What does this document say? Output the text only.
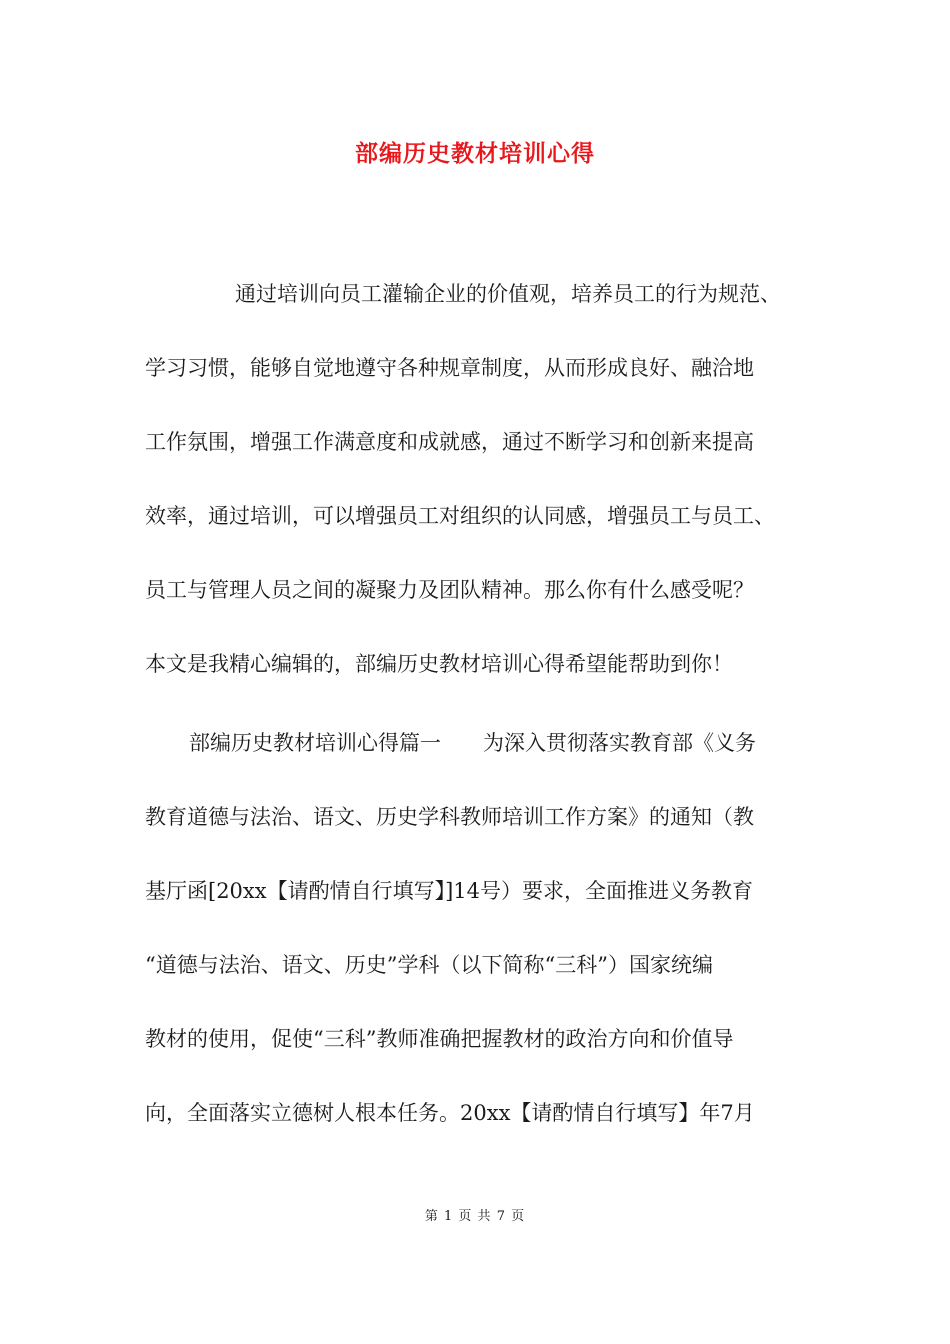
部编历史教材培训心得
通过培训向员工灌输企业的价值观，培养员工的行为规范、
学习习惯，能够自觉地遵守各种规章制度，从而形成良好、融洽地
工作氛围，增强工作满意度和成就感，通过不断学习和创新来提高
效率，通过培训，可以增强员工对组织的认同感，增强员工与员工、
员工与管理人员之间的凝聚力及团队精神。那么你有什么感受呢？
本文是我精心编辑的，部编历史教材培训心得希望能帮助到你！
部编历史教材培训心得篇一　　为深入贯彻落实教育部《义务
教育道德与法治、语文、历史学科教师培训工作方案》的通知（教
基厅函[20xx【请酌情自行填写】]14号）要求，全面推进义务教育
“道德与法治、语文、历史”学科（以下简称“三科”）国家统编
教材的使用，促使“三科”教师准确把握教材的政治方向和价值导
向，全面落实立德树人根本任务。20xx【请酌情自行填写】年7月
第 1 页 共 7 页
